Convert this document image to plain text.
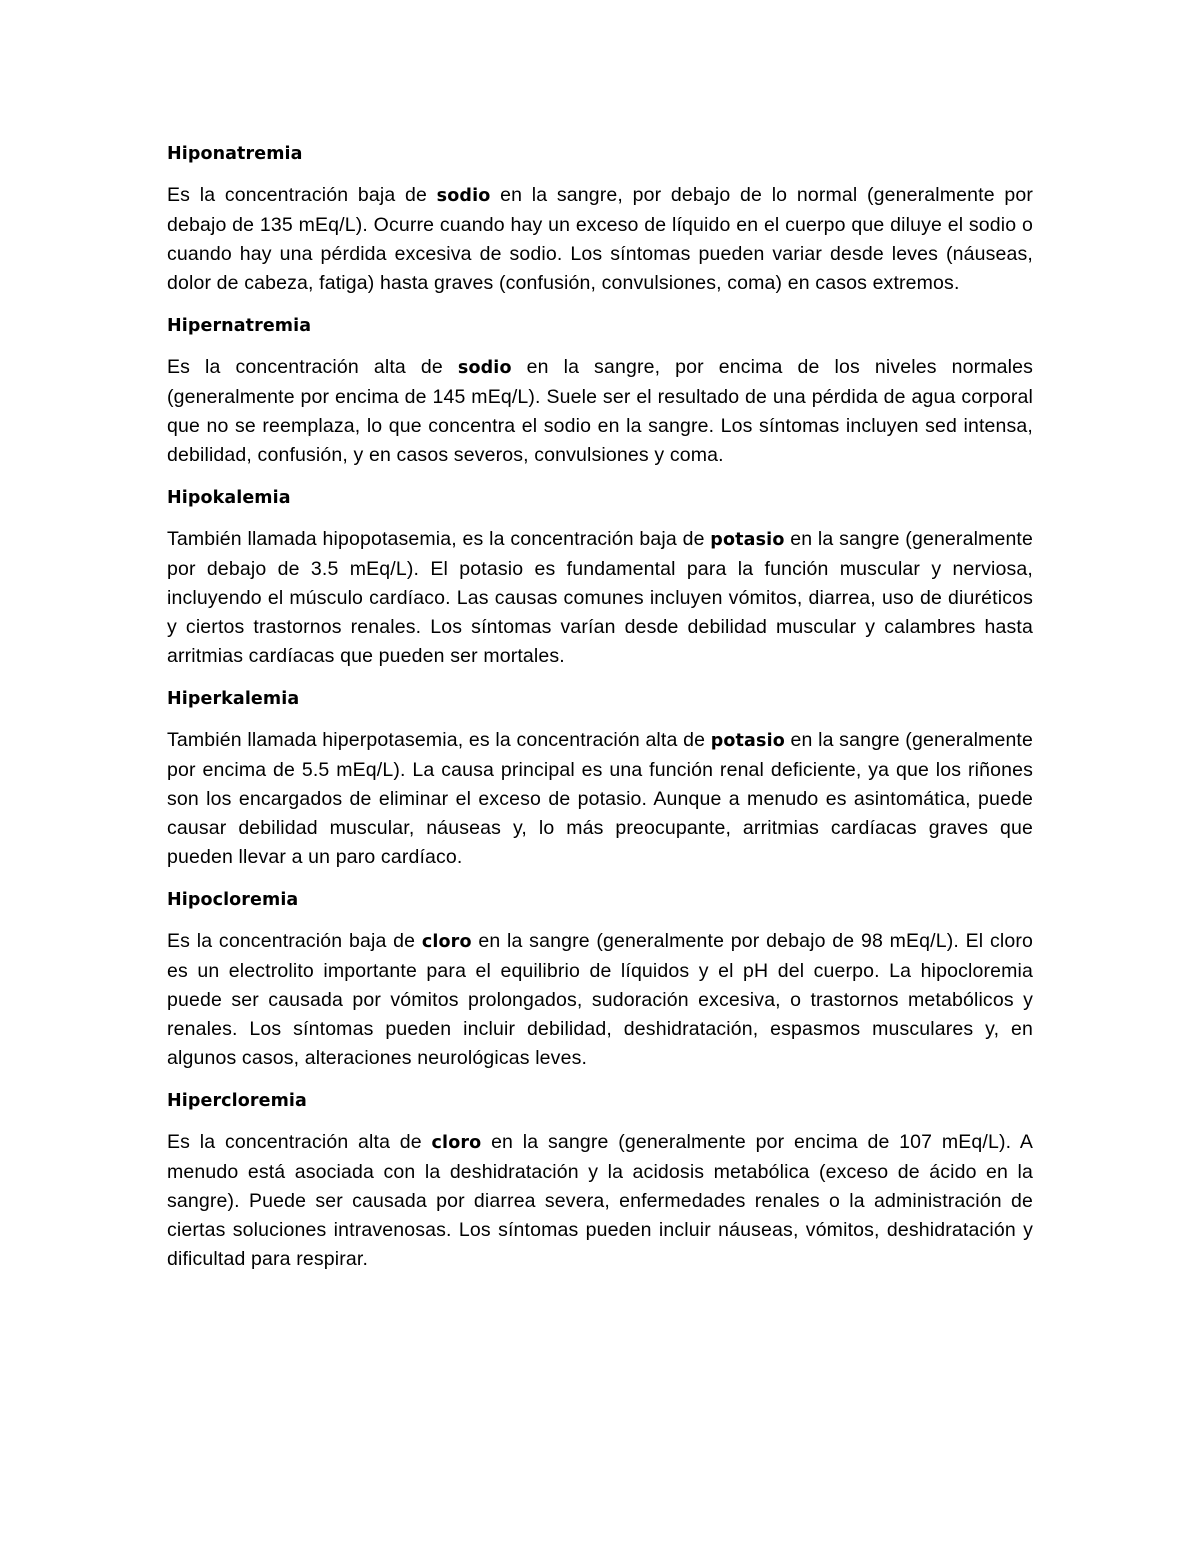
Hiponatremia

Es la concentración baja de sodio en la sangre, por debajo de lo normal (generalmente por debajo de 135 mEq/L). Ocurre cuando hay un exceso de líquido en el cuerpo que diluye el sodio o cuando hay una pérdida excesiva de sodio. Los síntomas pueden variar desde leves (náuseas, dolor de cabeza, fatiga) hasta graves (confusión, convulsiones, coma) en casos extremos.

Hipernatremia

Es la concentración alta de sodio en la sangre, por encima de los niveles normales (generalmente por encima de 145 mEq/L). Suele ser el resultado de una pérdida de agua corporal que no se reemplaza, lo que concentra el sodio en la sangre. Los síntomas incluyen sed intensa, debilidad, confusión, y en casos severos, convulsiones y coma.

Hipokalemia

También llamada hipopotasemia, es la concentración baja de potasio en la sangre (generalmente por debajo de 3.5 mEq/L). El potasio es fundamental para la función muscular y nerviosa, incluyendo el músculo cardíaco. Las causas comunes incluyen vómitos, diarrea, uso de diuréticos y ciertos trastornos renales. Los síntomas varían desde debilidad muscular y calambres hasta arritmias cardíacas que pueden ser mortales.

Hiperkalemia

También llamada hiperpotasemia, es la concentración alta de potasio en la sangre (generalmente por encima de 5.5 mEq/L). La causa principal es una función renal deficiente, ya que los riñones son los encargados de eliminar el exceso de potasio. Aunque a menudo es asintomática, puede causar debilidad muscular, náuseas y, lo más preocupante, arritmias cardíacas graves que pueden llevar a un paro cardíaco.

Hipocloremia

Es la concentración baja de cloro en la sangre (generalmente por debajo de 98 mEq/L). El cloro es un electrolito importante para el equilibrio de líquidos y el pH del cuerpo. La hipocloremia puede ser causada por vómitos prolongados, sudoración excesiva, o trastornos metabólicos y renales. Los síntomas pueden incluir debilidad, deshidratación, espasmos musculares y, en algunos casos, alteraciones neurológicas leves.

Hipercloremia

Es la concentración alta de cloro en la sangre (generalmente por encima de 107 mEq/L). A menudo está asociada con la deshidratación y la acidosis metabólica (exceso de ácido en la sangre). Puede ser causada por diarrea severa, enfermedades renales o la administración de ciertas soluciones intravenosas. Los síntomas pueden incluir náuseas, vómitos, deshidratación y dificultad para respirar.
